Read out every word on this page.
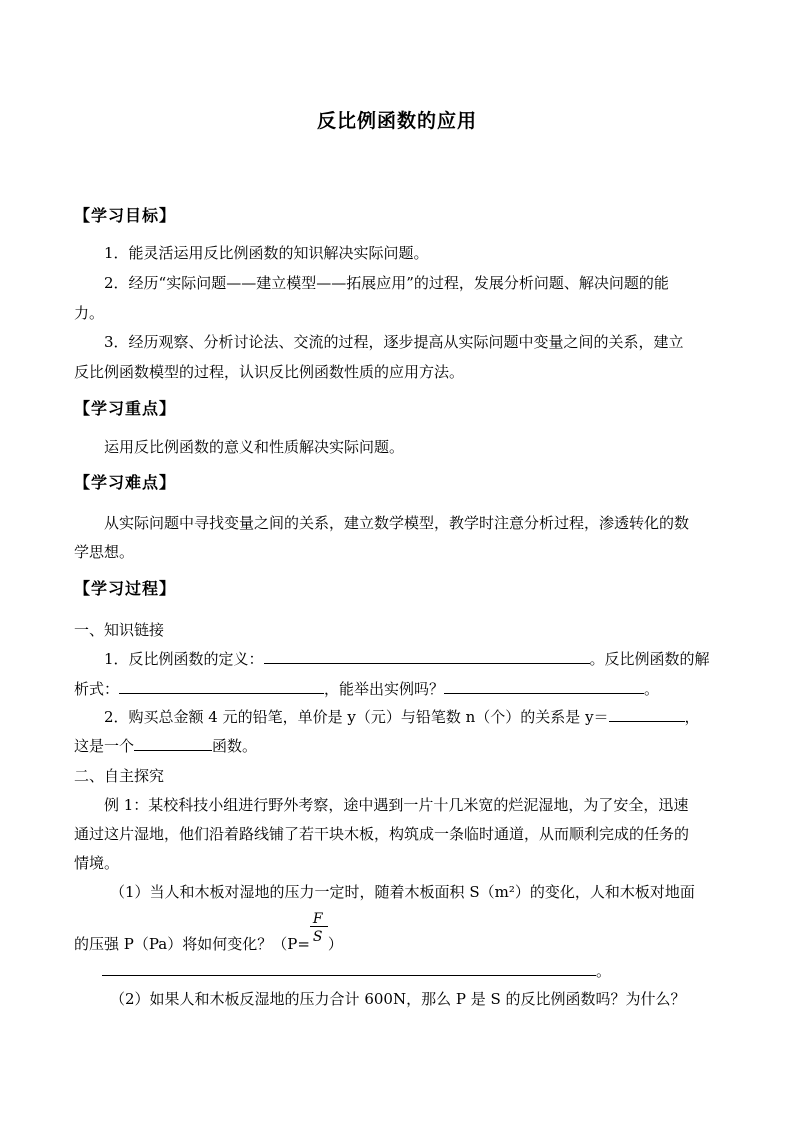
反比例函数的应用
【学习目标】
1．能灵活运用反比例函数的知识解决实际问题。
2．经历“实际问题——建立模型——拓展应用”的过程，发展分析问题、解决问题的能
力。
3．经历观察、分析讨论法、交流的过程，逐步提高从实际问题中变量之间的关系，建立
反比例函数模型的过程，认识反比例函数性质的应用方法。
【学习重点】
运用反比例函数的意义和性质解决实际问题。
【学习难点】
从实际问题中寻找变量之间的关系，建立数学模型，教学时注意分析过程，渗透转化的数
学思想。
【学习过程】
一、知识链接
1．反比例函数的定义：	。反比例函数的解
析式：	，能举出实例吗？	。
2．购买总金额 4 元的铅笔，单价是 y（元）与铅笔数 n（个）的关系是 y＝	，
这是一个	函数。
二、自主探究
例 1：某校科技小组进行野外考察，途中遇到一片十几米宽的烂泥湿地，为了安全，迅速
通过这片湿地，他们沿着路线铺了若干块木板，构筑成一条临时通道，从而顺利完成的任务的
情境。
（1）当人和木板对湿地的压力一定时，随着木板面积 S（m²）的变化，人和木板对地面
的压强 P（Pa）将如何变化？（$P= \frac{F}{S}$ ）
。
（2）如果人和木板反湿地的压力合计 600N，那么 P 是 S 的反比例函数吗？为什么？
